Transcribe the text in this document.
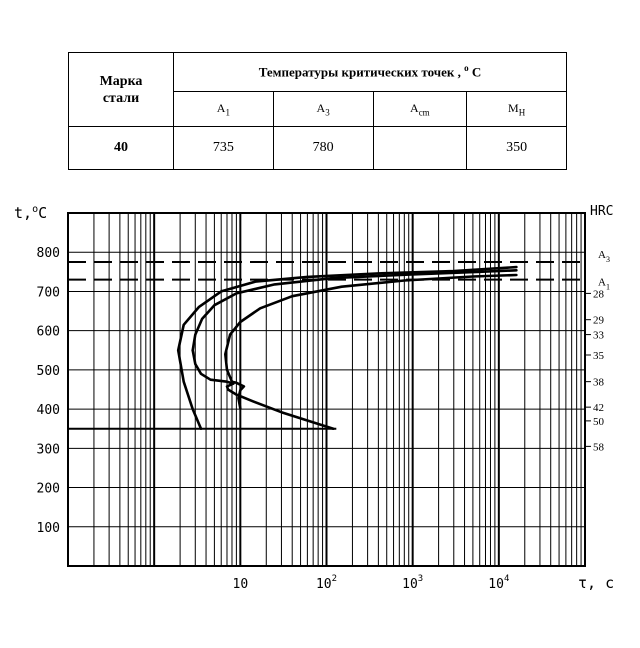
Марка
стали	Температуры критических точек , $^o$ C			
	$A_1$	$A_3$	$A_{cm}$	$M_H$
40	735	780		350
100
200
300
400
500
600
700
800
t,$^o$C	HRC
10	$10^2$	$10^3$	$10^4$	τ, c
$A_3$
$A_1$
28
29
33
35
38
42
50
58
